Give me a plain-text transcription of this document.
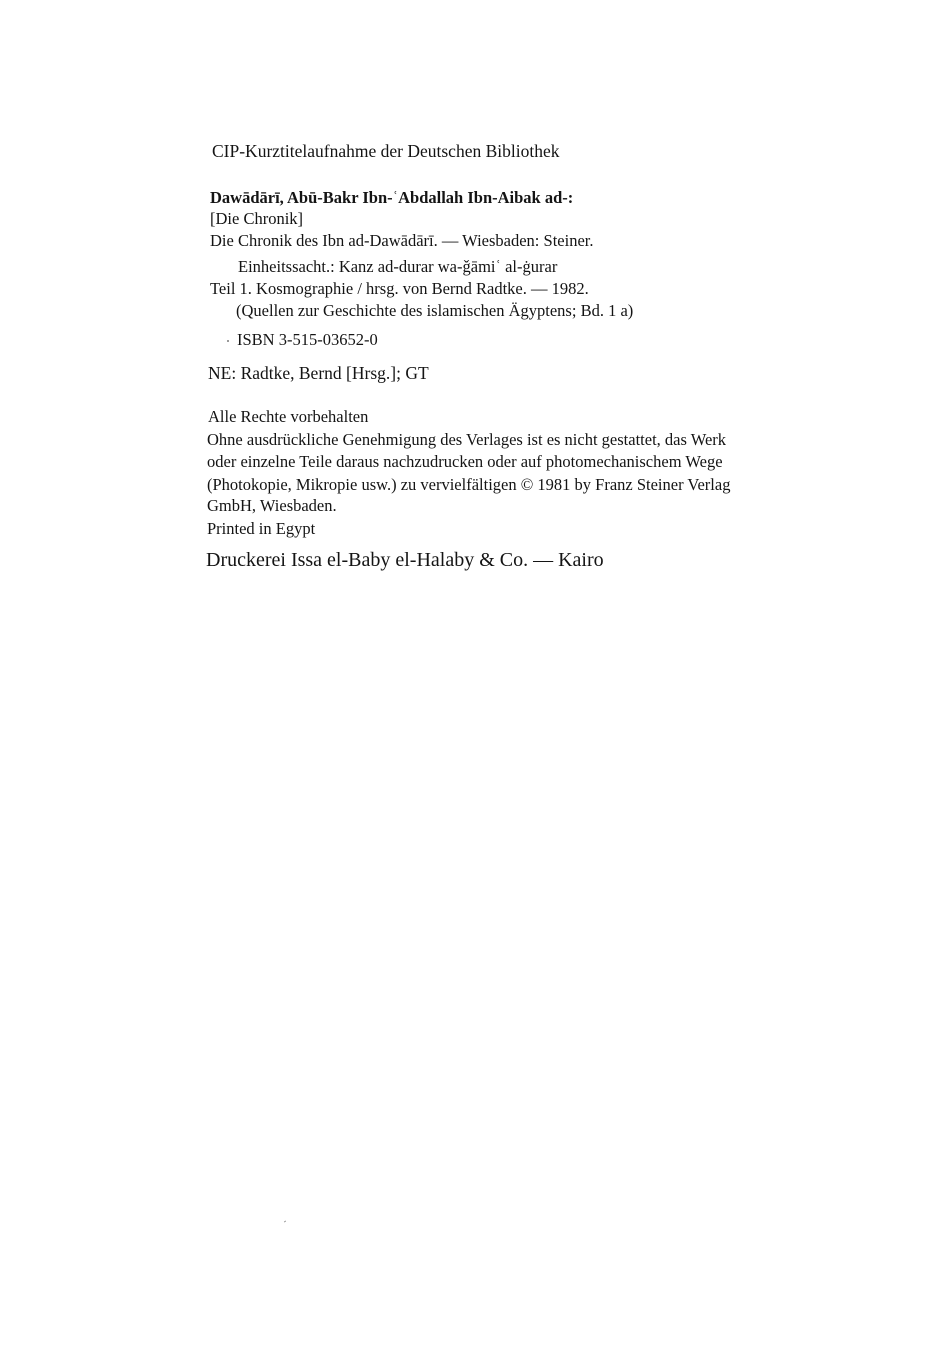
CIP-Kurztitelaufnahme der Deutschen Bibliothek
Dawādārī, Abū-Bakr Ibn-ʿAbdallah Ibn-Aibak ad-:
[Die Chronik]
Die Chronik des Ibn ad-Dawādārī. — Wiesbaden: Steiner.
Einheitssacht.: Kanz ad-durar wa-ǧāmiʿ al-ġurar
Teil 1. Kosmographie / hrsg. von Bernd Radtke. — 1982.
(Quellen zur Geschichte des islamischen Ägyptens; Bd. 1 a)
ISBN 3-515-03652-0
NE: Radtke, Bernd [Hrsg.]; GT
Alle Rechte vorbehalten
Ohne ausdrückliche Genehmigung des Verlages ist es nicht gestattet, das Werk
oder einzelne Teile daraus nachzudrucken oder auf photomechanischem Wege
(Photokopie, Mikropie usw.) zu vervielfältigen © 1981 by Franz Steiner Verlag
GmbH, Wiesbaden.
Printed in Egypt
Druckerei Issa el-Baby el-Halaby & Co. — Kairo
